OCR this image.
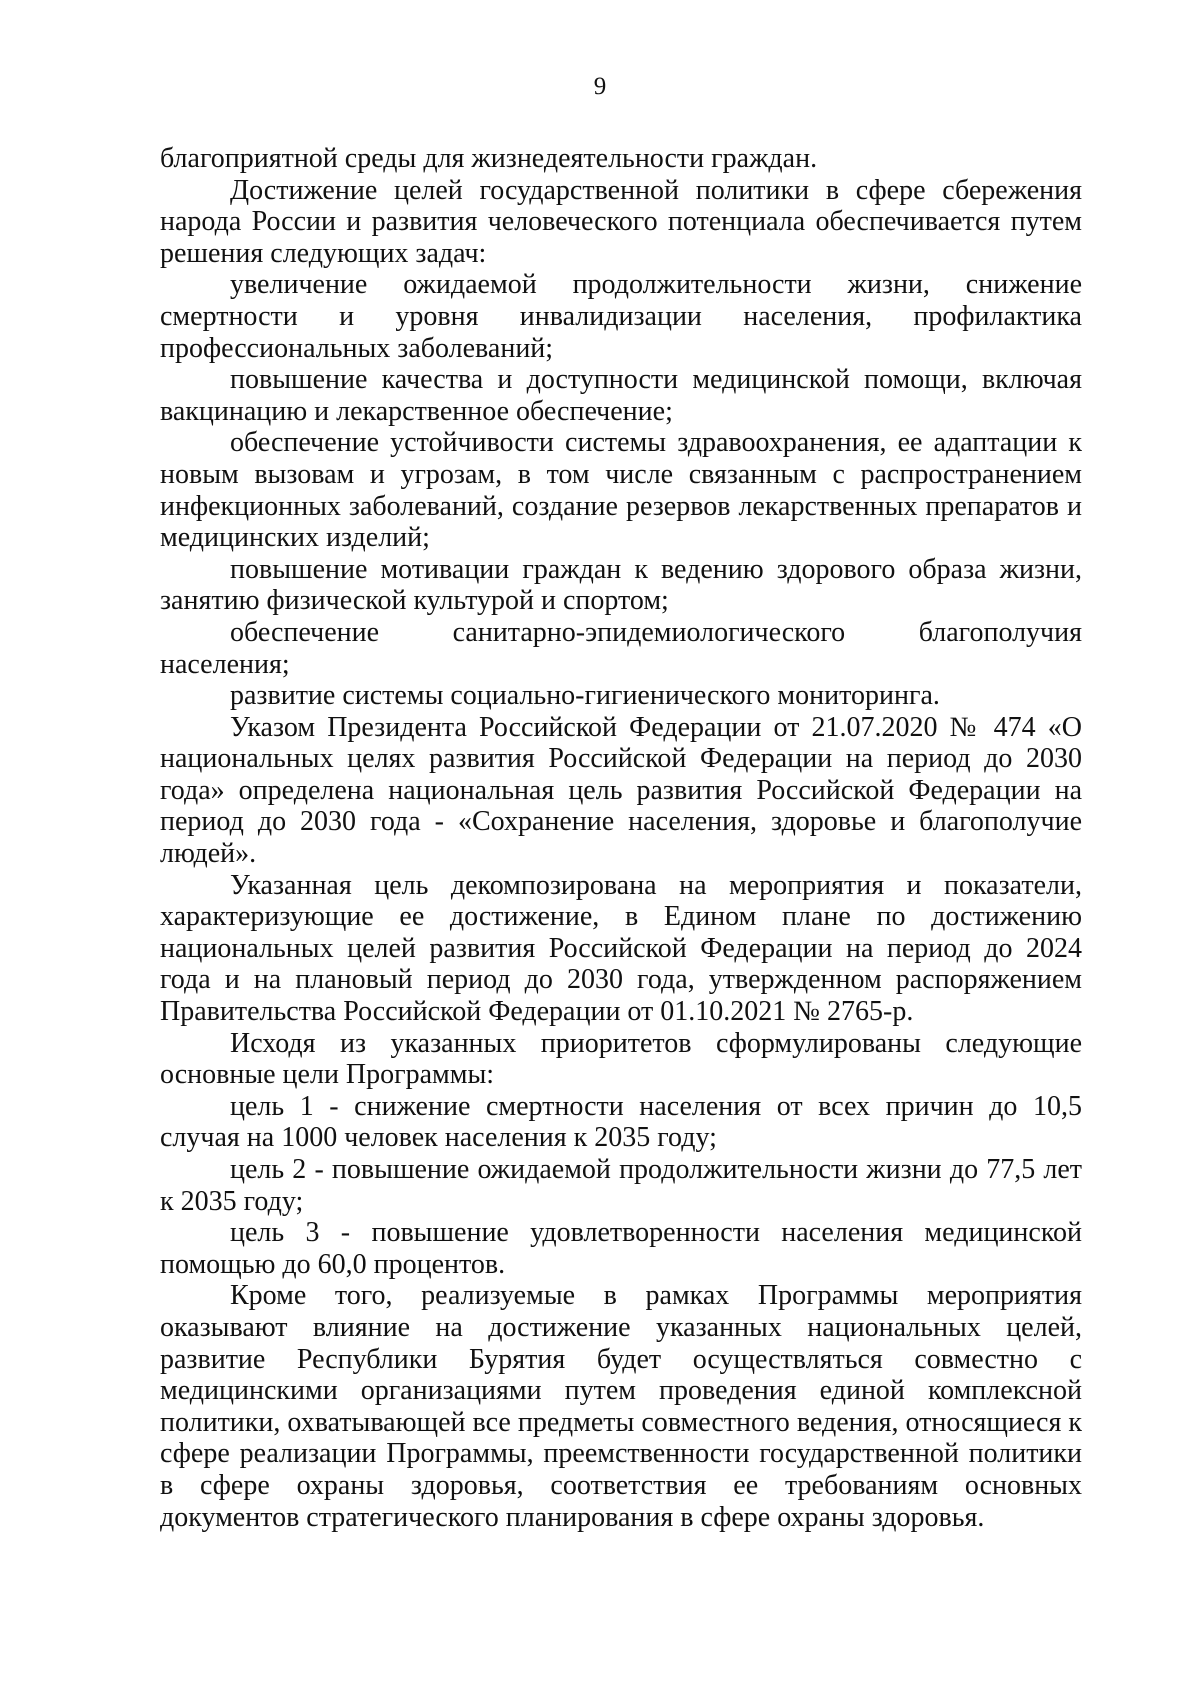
9

благоприятной среды для жизнедеятельности граждан.

Достижение целей государственной политики в сфере сбережения народа России и развития человеческого потенциала обеспечивается путем решения следующих задач:

увеличение ожидаемой продолжительности жизни, снижение смертности и уровня инвалидизации населения, профилактика профессиональных заболеваний;

повышение качества и доступности медицинской помощи, включая вакцинацию и лекарственное обеспечение;

обеспечение устойчивости системы здравоохранения, ее адаптации к новым вызовам и угрозам, в том числе связанным с распространением инфекционных заболеваний, создание резервов лекарственных препаратов и медицинских изделий;

повышение мотивации граждан к ведению здорового образа жизни, занятию физической культурой и спортом;

обеспечение санитарно-эпидемиологического благополучия населения;

развитие системы социально-гигиенического мониторинга.

Указом Президента Российской Федерации от 21.07.2020 № 474 «О национальных целях развития Российской Федерации на период до 2030 года» определена национальная цель развития Российской Федерации на период до 2030 года - «Сохранение населения, здоровье и благополучие людей».

Указанная цель декомпозирована на мероприятия и показатели, характеризующие ее достижение, в Едином плане по достижению национальных целей развития Российской Федерации на период до 2024 года и на плановый период до 2030 года, утвержденном распоряжением Правительства Российской Федерации от 01.10.2021 № 2765-р.

Исходя из указанных приоритетов сформулированы следующие основные цели Программы:

цель 1 - снижение смертности населения от всех причин до 10,5 случая на 1000 человек населения к 2035 году;

цель 2 - повышение ожидаемой продолжительности жизни до 77,5 лет к 2035 году;

цель 3 - повышение удовлетворенности населения медицинской помощью до 60,0 процентов.

Кроме того, реализуемые в рамках Программы мероприятия оказывают влияние на достижение указанных национальных целей, развитие Республики Бурятия будет осуществляться совместно с медицинскими организациями путем проведения единой комплексной политики, охватывающей все предметы совместного ведения, относящиеся к сфере реализации Программы, преемственности государственной политики в сфере охраны здоровья, соответствия ее требованиям основных документов стратегического планирования в сфере охраны здоровья.
